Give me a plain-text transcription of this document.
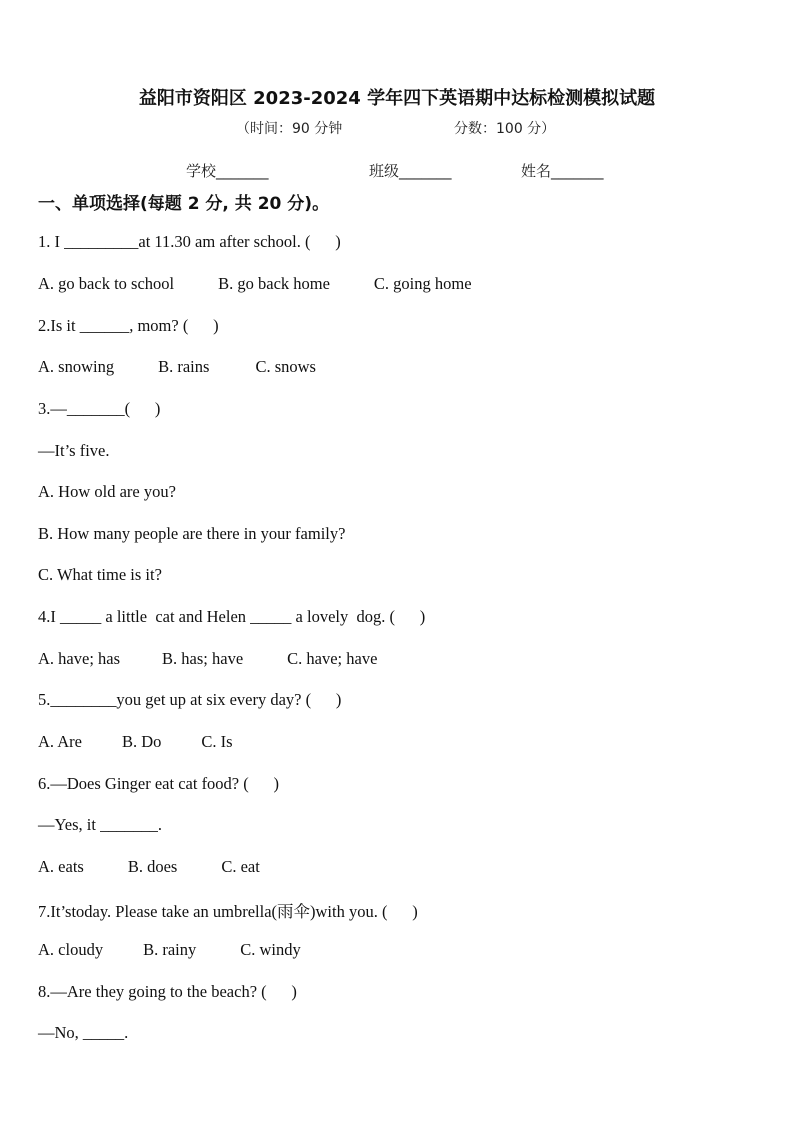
益阳市资阳区 2023-2024 学年四下英语期中达标检测模拟试题
（时间：90 分钟	分数：100 分）
学校_______	班级_______	姓名_______
一、单项选择(每题 2 分, 共 20 分)。
1. I _________at 11.30 am after school. (      )
A. go back to school	B. go back home	C. going home
2.Is it ______, mom? (      )
A. snowing	B. rains	C. snows
3.—_______(      )
—It’s five.
A. How old are you?
B. How many people are there in your family?
C. What time is it?
4.I _____ a little  cat and Helen _____ a lovely  dog. (      )
A. have; has	B. has; have	C. have; have
5.________you get up at six every day? (      )
A. Are B. Do C. Is
6.—Does Ginger eat cat food? (      )
—Yes, it _______.
A. eats	B. does	C. eat
7.It’stoday. Please take an umbrella(雨伞)with you. (      )
A. cloudy B. rainy	C. windy
8.—Are they going to the beach? (      )
—No, _____.
